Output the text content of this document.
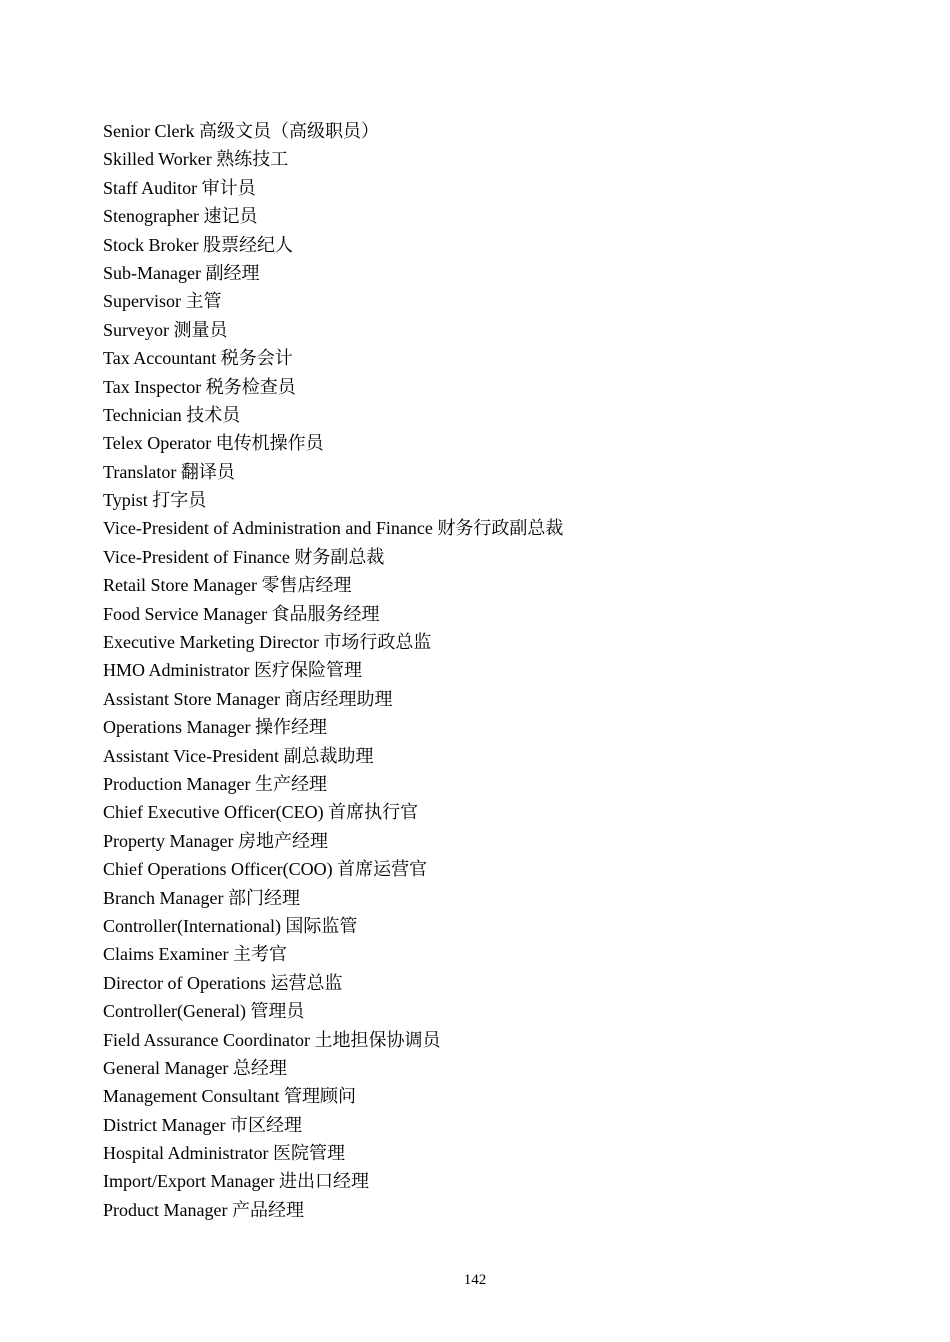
Senior Clerk 高级文员（高级职员）
Skilled Worker 熟练技工
Staff Auditor 审计员
Stenographer 速记员
Stock Broker 股票经纪人
Sub-Manager 副经理
Supervisor 主管
Surveyor 测量员
Tax Accountant 税务会计
Tax Inspector 税务检查员
Technician 技术员
Telex Operator 电传机操作员
Translator 翻译员
Typist 打字员
Vice-President of Administration and Finance 财务行政副总裁
Vice-President of Finance 财务副总裁
Retail Store Manager 零售店经理
Food Service Manager 食品服务经理
Executive Marketing Director 市场行政总监
HMO Administrator 医疗保险管理
Assistant Store Manager 商店经理助理
Operations Manager 操作经理
Assistant Vice-President 副总裁助理
Production Manager 生产经理
Chief Executive Officer(CEO) 首席执行官
Property Manager 房地产经理
Chief Operations Officer(COO) 首席运营官
Branch Manager 部门经理
Controller(International) 国际监管
Claims Examiner 主考官
Director of Operations 运营总监
Controller(General) 管理员
Field Assurance Coordinator 土地担保协调员
General Manager 总经理
Management Consultant 管理顾问
District Manager 市区经理
Hospital Administrator 医院管理
Import/Export Manager 进出口经理
Product Manager 产品经理
142
